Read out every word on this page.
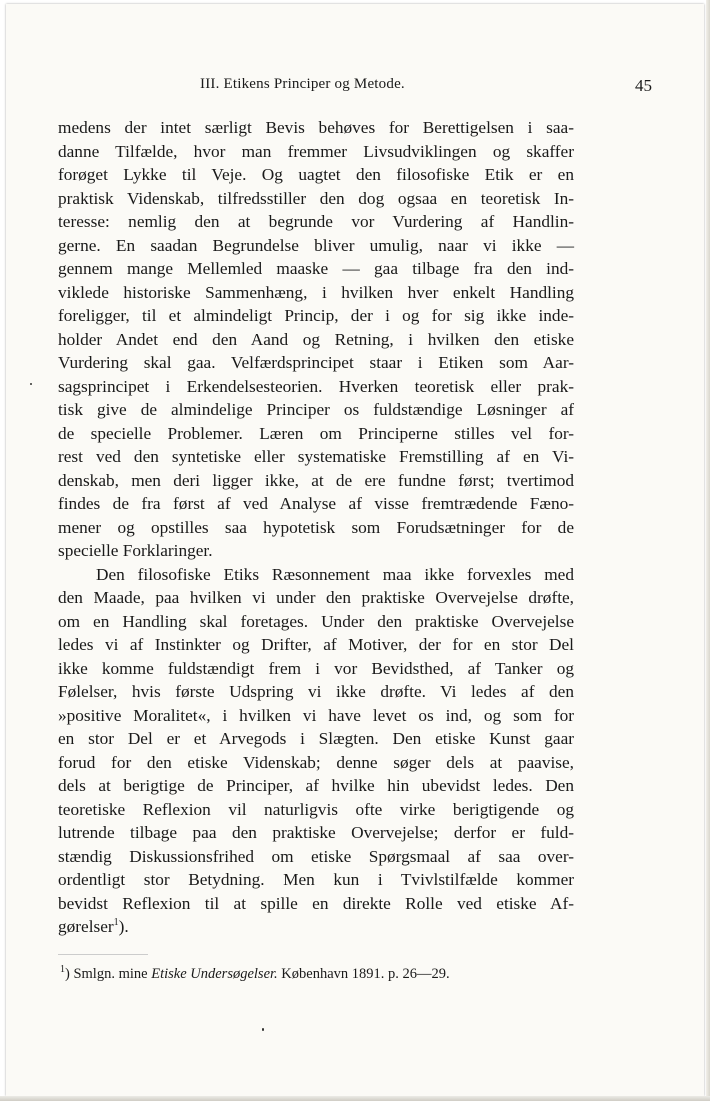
III. Etikens Principer og Metode.	45
medens der intet særligt Bevis behøves for Berettigelsen i saa-
danne Tilfælde, hvor man fremmer Livsudviklingen og skaffer
forøget Lykke til Veje. Og uagtet den filosofiske Etik er en
praktisk Videnskab, tilfredsstiller den dog ogsaa en teoretisk In-
teresse: nemlig den at begrunde vor Vurdering af Handlin-
gerne. En saadan Begrundelse bliver umulig, naar vi ikke —
gennem mange Mellemled maaske — gaa tilbage fra den ind-
viklede historiske Sammenhæng, i hvilken hver enkelt Handling
foreligger, til et almindeligt Princip, der i og for sig ikke inde-
holder Andet end den Aand og Retning, i hvilken den etiske
Vurdering skal gaa. Velfærdsprincipet staar i Etiken som Aar-
sagsprincipet i Erkendelsesteorien. Hverken teoretisk eller prak-
tisk give de almindelige Principer os fuldstændige Løsninger af
de specielle Problemer. Læren om Principerne stilles vel for-
rest ved den syntetiske eller systematiske Fremstilling af en Vi-
denskab, men deri ligger ikke, at de ere fundne først; tvertimod
findes de fra først af ved Analyse af visse fremtrædende Fæno-
mener og opstilles saa hypotetisk som Forudsætninger for de
specielle Forklaringer.
Den filosofiske Etiks Ræsonnement maa ikke forvexles med
den Maade, paa hvilken vi under den praktiske Overvejelse drøfte,
om en Handling skal foretages. Under den praktiske Overvejelse
ledes vi af Instinkter og Drifter, af Motiver, der for en stor Del
ikke komme fuldstændigt frem i vor Bevidsthed, af Tanker og
Følelser, hvis første Udspring vi ikke drøfte. Vi ledes af den
»positive Moralitet«, i hvilken vi have levet os ind, og som for
en stor Del er et Arvegods i Slægten. Den etiske Kunst gaar
forud for den etiske Videnskab; denne søger dels at paavise,
dels at berigtige de Principer, af hvilke hin ubevidst ledes. Den
teoretiske Reflexion vil naturligvis ofte virke berigtigende og
lutrende tilbage paa den praktiske Overvejelse; derfor er fuld-
stændig Diskussionsfrihed om etiske Spørgsmaal af saa over-
ordentligt stor Betydning. Men kun i Tvivlstilfælde kommer
bevidst Reflexion til at spille en direkte Rolle ved etiske Af-
gørelser$^1$).
$^1$) Smlgn. mine Etiske Undersøgelser. København 1891. p. 26—29.
